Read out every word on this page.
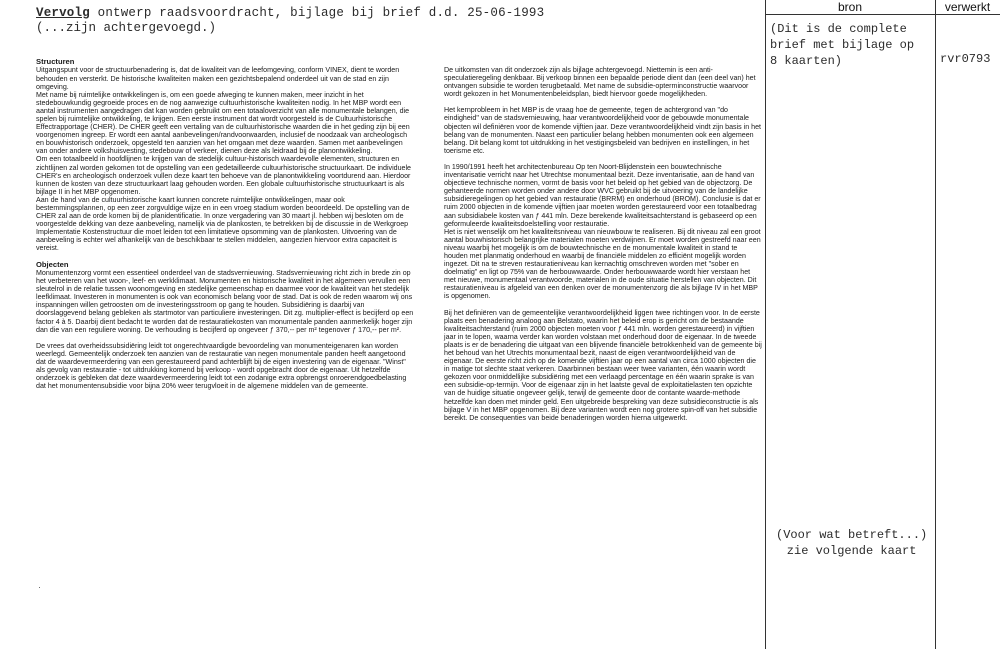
Vervolg ontwerp raadsvoordracht, bijlage bij brief d.d. 25-06-1993
(...zijn achtergevoegd.)
bron	verwerkt
(Dit is de complete
brief met bijlage op
8 kaarten)	rvr0793
(Voor wat betreft...)
zie volgende kaart
Structuren

Uitgangspunt voor de structuurbenadering is, dat de kwaliteit van de leefomgeving, conform VINEX, dient te worden behouden en versterkt. De historische kwaliteiten maken een gezichtsbepalend onderdeel uit van de stad en zijn omgeving.

Met name bij ruimtelijke ontwikkelingen is, om een goede afweging te kunnen maken, meer inzicht in het stedebouwkundig gegroeide proces en de nog aanwezige cultuurhistorische kwaliteiten nodig. In het MBP wordt een aantal instrumenten aangedragen dat kan worden gebruikt om een totaaloverzicht van alle monumentale belangen, die spelen bij ruimtelijke ontwikkeling, te krijgen. Een eerste instrument dat wordt voorgesteld is de Cultuurhistorische Effectrapportage (CHER). De CHER geeft een vertaling van de cultuurhistorische waarden die in het geding zijn bij een voorgenomen ingreep. Er wordt een aantal aanbevelingen/randvoorwaarden, inclusief de noodzaak van archeologisch en bouwhistorisch onderzoek, opgesteld ten aanzien van het omgaan met deze waarden. Samen met aanbevelingen van onder andere volkshuisvesting, stedebouw of verkeer, dienen deze als leidraad bij de planontwikkeling.

Om een totaalbeeld in hoofdlijnen te krijgen van de stedelijk cultuur-historisch waardevolle elementen, structuren en zichtlijnen zal worden gekomen tot de opstelling van een gedetailleerde cultuurhistorische structuurkaart. De individuele CHER's en archeologisch onderzoek vullen deze kaart ten behoeve van de planontwikkeling voortdurend aan. Hierdoor kunnen de kosten van deze structuurkaart laag gehouden worden. Een globale cultuurhistorische structuurkaart is als bijlage II in het MBP opgenomen.

Aan de hand van de cultuurhistorische kaart kunnen concrete ruimtelijke ontwikkelingen, maar ook bestemmingsplannen, op een zeer zorgvuldige wijze en in een vroeg stadium worden beoordeeld. De opstelling van de CHER zal aan de orde komen bij de planidentificatie. In onze vergadering van 30 maart jl. hebben wij besloten om de voorgestelde dekking van deze aanbeveling, namelijk via de plankosten, te betrekken bij de discussie in de Werkgroep Implementatie Kostenstructuur die moet leiden tot een limitatieve opsomming van de plankosten. Uitvoering van de aanbeveling is echter wel afhankelijk van de beschikbaar te stellen middelen, aangezien hiervoor extra capaciteit is vereist.

Objecten

Monumentenzorg vormt een essentieel onderdeel van de stadsvernieuwing. Stadsvernieuwing richt zich in brede zin op het verbeteren van het woon-, leef- en werkklimaat. Monumenten en historische kwaliteit in het algemeen vervullen een sleutelrol in de relatie tussen woonomgeving en stedelijke gemeenschap en daarmee voor de kwaliteit van het stedelijk leefklimaat. Investeren in monumenten is ook van economisch belang voor de stad. Dat is ook de reden waarom wij ons inspanningen willen getroosten om de investeringsstroom op gang te houden. Subsidiëring is daarbij van doorslaggevend belang gebleken als startmotor van particuliere investeringen. Dit zg. multiplier-effect is becijferd op een factor 4 à 5. Daarbij dient bedacht te worden dat de restauratiekosten van monumentale panden aanmerkelijk hoger zijn dan die van een reguliere woning. De verhouding is becijferd op ongeveer ƒ 370,-- per m² tegenover ƒ 170,-- per m².

De vrees dat overheidssubsidiëring leidt tot ongerechtvaardigde bevoordeling van monumenteigenaren kan worden weerlegd. Gemeentelijk onderzoek ten aanzien van de restauratie van negen monumentale panden heeft aangetoond dat de waardevermeerdering van een gerestaureerd pand achterblijft bij de eigen investering van de eigenaar. "Winst" als gevolg van restauratie - tot uitdrukking komend bij verkoop - wordt opgebracht door de eigenaar. Uit hetzelfde onderzoek is gebleken dat deze waardevermeerdering leidt tot een zodanige extra opbrengst onroerendgoedbelasting dat het monumentensubsidie voor bijna 20% weer terugvloeit in de algemene middelen van de gemeente.

De uitkomsten van dit onderzoek zijn als bijlage achtergevoegd. Niettemin is een anti-speculatieregeling denkbaar. Bij verkoop binnen een bepaalde periode dient dan (een deel van) het ontvangen subsidie te worden terugbetaald. Met name de subsidie-opterminconstructie waarvoor wordt gekozen in het Monumentenbeleidsplan, biedt hiervoor goede mogelijkheden.

Het kernprobleem in het MBP is de vraag hoe de gemeente, tegen de achtergrond van "do eindigheid" van de stadsvernieuwing, haar verantwoordelijkheid voor de gebouwde monumentale objecten wil definiëren voor de komende vijftien jaar. Deze verantwoordelijkheid vindt zijn basis in het belang van de monumenten. Naast een particulier belang hebben monumenten ook een algemeen belang. Dit belang komt tot uitdrukking in het vestigingsbeleid van bedrijven en instellingen, in het toerisme etc.

In 1990/1991 heeft het architectenbureau Op ten Noort-Blijdenstein een bouwtechnische inventarisatie verricht naar het Utrechtse monumentaal bezit. Deze inventarisatie, aan de hand van objectieve technische normen, vormt de basis voor het beleid op het gebied van de objectzorg. De gehanteerde normen worden onder andere door WVC gebruikt bij de uitvoering van de landelijke subsidieregelingen op het gebied van restauratie (BRRM) en onderhoud (BROM). Conclusie is dat er ruim 2000 objecten in de komende vijftien jaar moeten worden gerestaureerd voor een totaalbedrag aan subsidiabele kosten van ƒ 441 mln. Deze berekende kwaliteitsachterstand is gebaseerd op een geformuleerde kwaliteitsdoelstelling voor restauratie.

Het is niet wenselijk om het kwaliteitsniveau van nieuwbouw te realiseren. Bij dit niveau zal een groot aantal bouwhistorisch belangrijke materialen moeten verdwijnen. Er moet worden gestreefd naar een niveau waarbij het mogelijk is om de bouwtechnische en de monumentale kwaliteit in stand te houden met planmatig onderhoud en waarbij de financiële middelen zo efficiënt mogelijk worden ingezet. Dit na te streven restauratieniveau kan kernachtig omschreven worden met "sober en doelmatig" en ligt op 75% van de herbouwwaarde. Onder herbouwwaarde wordt hier verstaan het met nieuwe, monumentaal verantwoorde, materialen in de oude situatie herstellen van objecten. Dit restauratieniveau is afgeleid van een denken over de monumentenzorg die als bijlage IV in het MBP is opgenomen.

Bij het definiëren van de gemeentelijke verantwoordelijkheid liggen twee richtingen voor. In de eerste plaats een benadering analoog aan Belstato, waarin het beleid erop is gericht om de bestaande kwaliteitsachterstand (ruim 2000 objecten moeten voor ƒ 441 mln. worden gerestaureerd) in vijftien jaar in te lopen, waarna verder kan worden volstaan met onderhoud door de eigenaar. In de tweede plaats is er de benadering die uitgaat van een blijvende financiële betrokkenheid van de gemeente bij het behoud van het Utrechts monumentaal bezit, naast de eigen verantwoordelijkheid van de eigenaar. De eerste richt zich op de komende vijftien jaar op een aantal van circa 1000 objecten die in matige tot slechte staat verkeren. Daarbinnen bestaan weer twee varianten, één waarin wordt gekozen voor onmiddellijke subsidiëring met een verlaagd percentage en één waarin sprake is van een subsidie-op-termijn. Voor de eigenaar zijn in het laatste geval de exploitatielasten ten opzichte van de huidige situatie ongeveer gelijk, terwijl de gemeente door de contante waarde-methode hetzelfde kan doen met minder geld. Een uitgebreide bespreking van deze subsidieconstructie is als bijlage V in het MBP opgenomen. Bij deze varianten wordt een nog grotere spin-off van het subsidie bereikt. De consequenties van beide benaderingen worden hierna uitgewerkt.

·
